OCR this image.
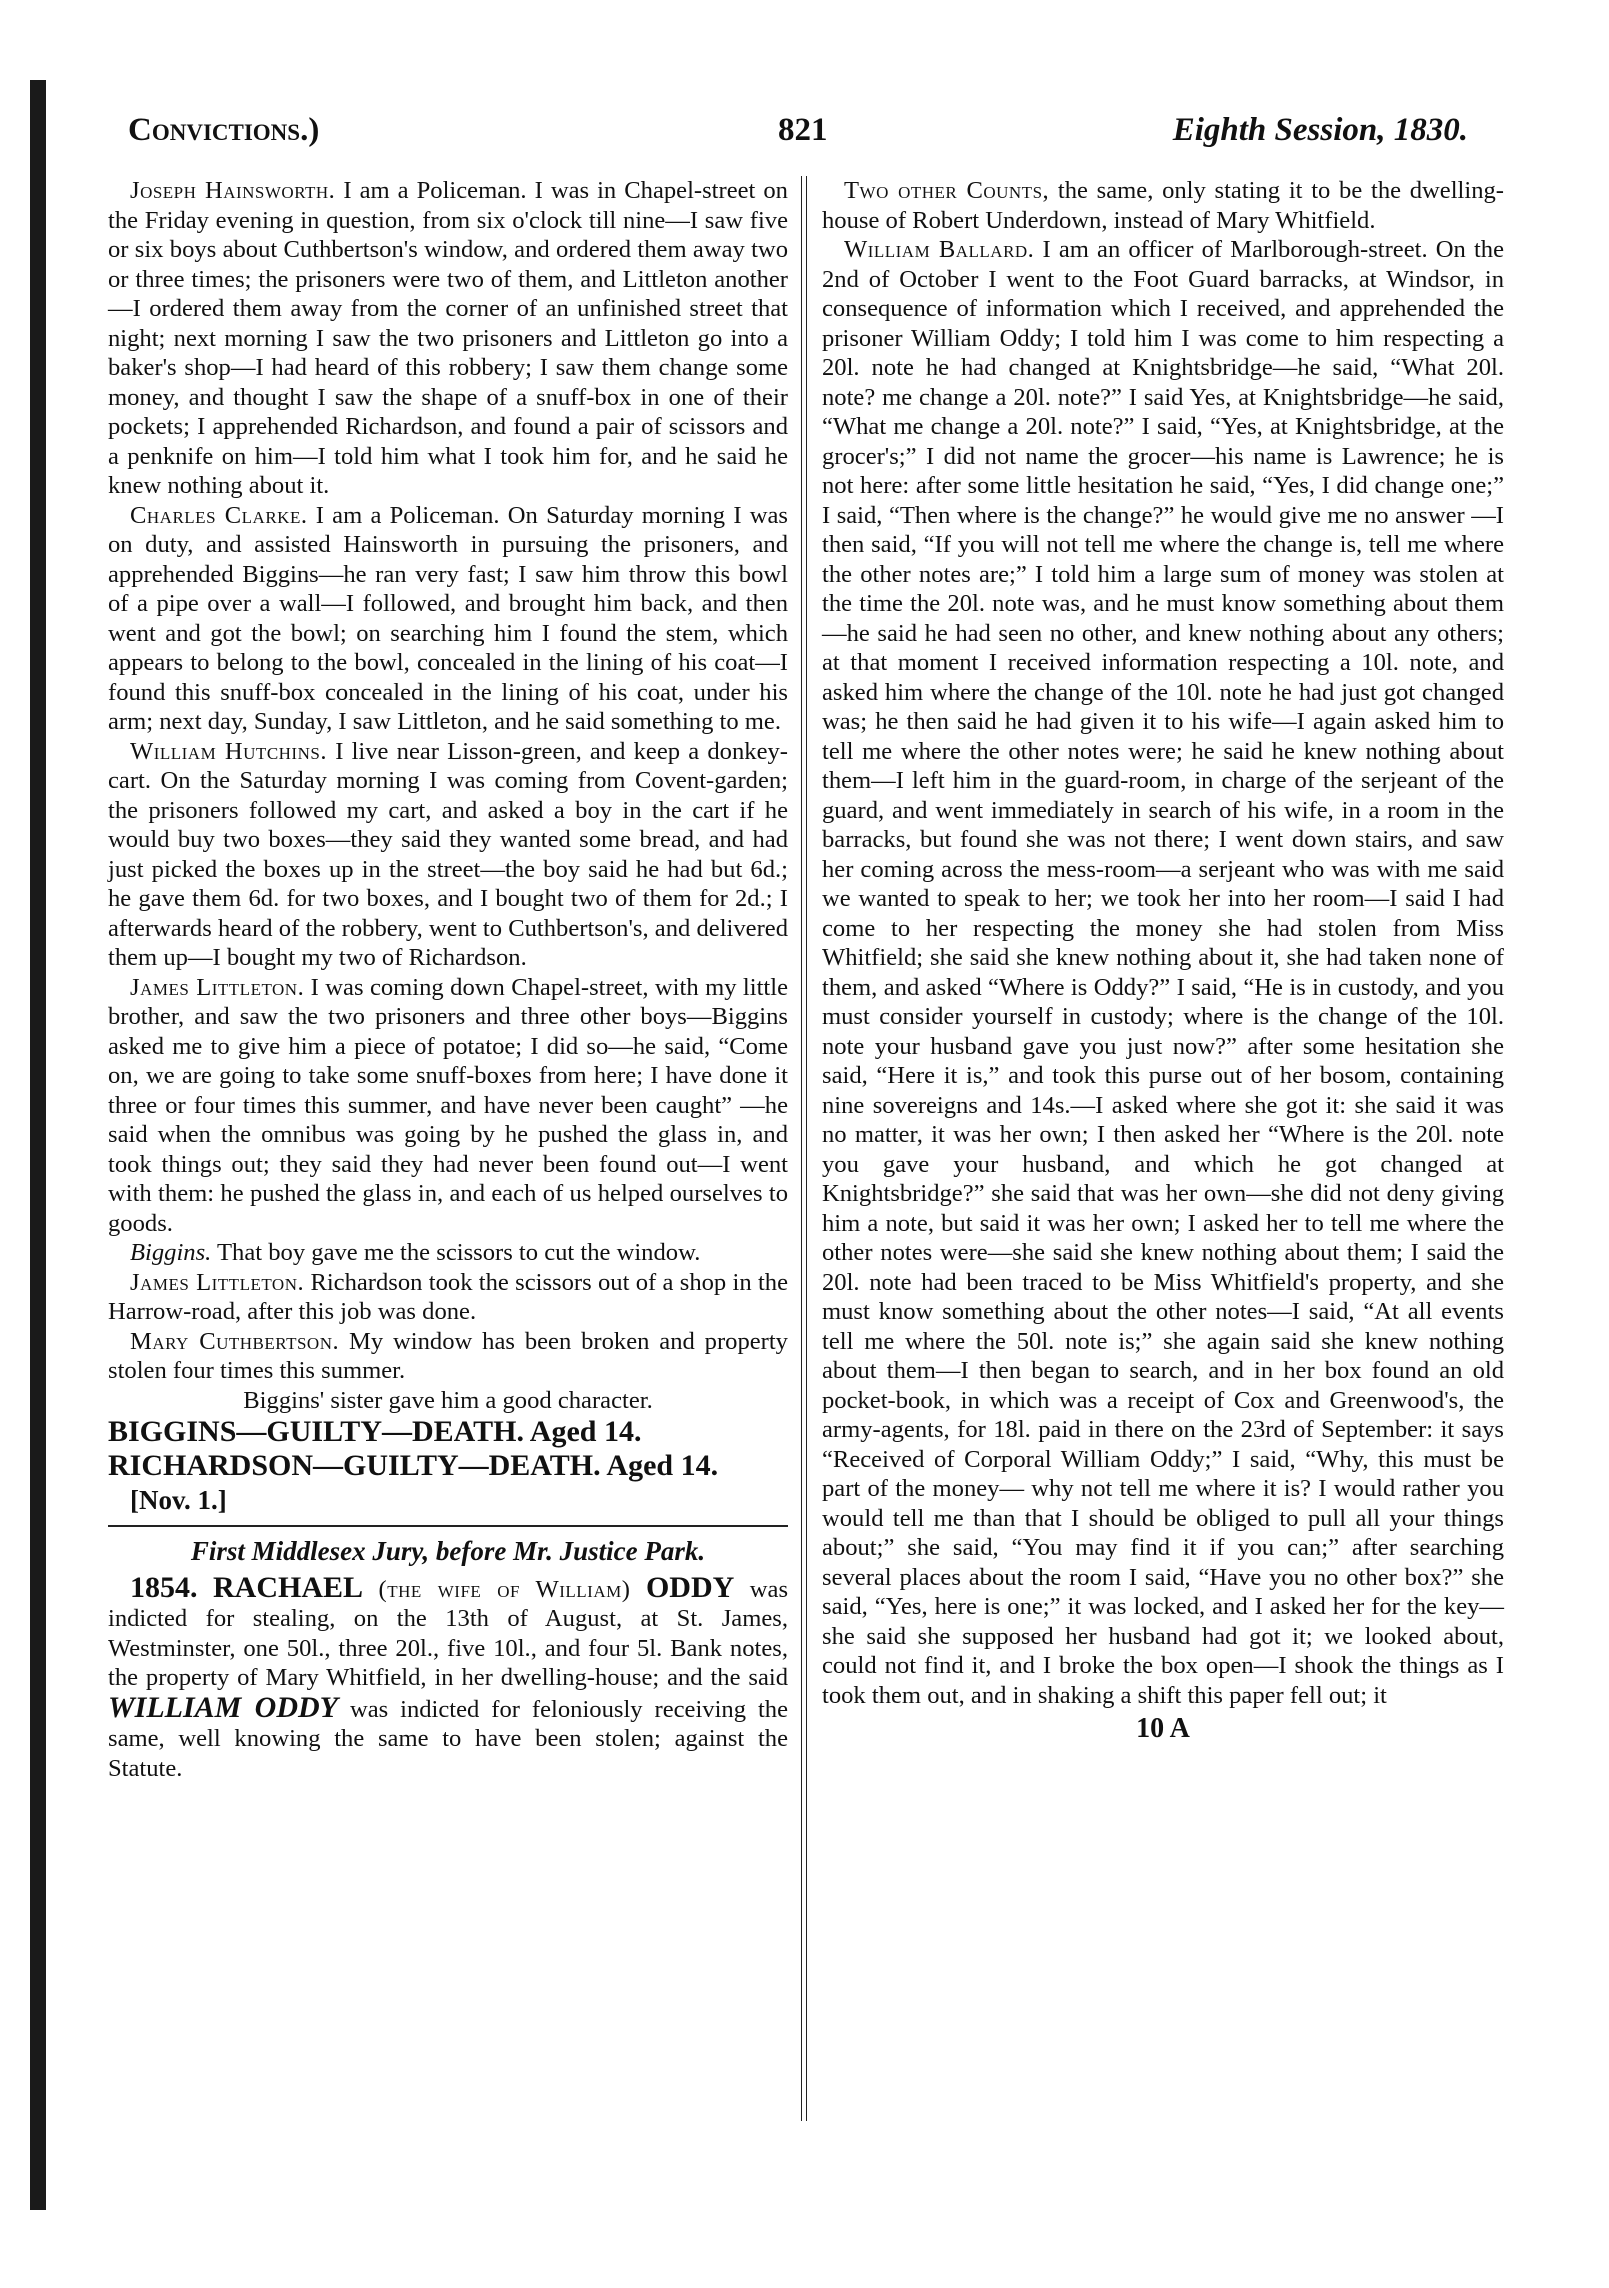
Convictions.)	821	Eighth Session, 1830.

Joseph Hainsworth. I am a Policeman. I was in Chapel-street on the Friday evening in question, from six o'clock till nine—I saw five or six boys about Cuthbertson's window, and ordered them away two or three times; the prisoners were two of them, and Littleton another—I ordered them away from the corner of an unfinished street that night; next morning I saw the two prisoners and Littleton go into a baker's shop—I had heard of this robbery; I saw them change some money, and thought I saw the shape of a snuff-box in one of their pockets; I apprehended Richardson, and found a pair of scissors and a penknife on him—I told him what I took him for, and he said he knew nothing about it.

Charles Clarke. I am a Policeman. On Saturday morning I was on duty, and assisted Hainsworth in pursuing the prisoners, and apprehended Biggins—he ran very fast; I saw him throw this bowl of a pipe over a wall—I followed, and brought him back, and then went and got the bowl; on searching him I found the stem, which appears to belong to the bowl, concealed in the lining of his coat—I found this snuff-box concealed in the lining of his coat, under his arm; next day, Sunday, I saw Littleton, and he said something to me.

William Hutchins. I live near Lisson-green, and keep a donkey-cart. On the Saturday morning I was coming from Covent-garden; the prisoners followed my cart, and asked a boy in the cart if he would buy two boxes—they said they wanted some bread, and had just picked the boxes up in the street—the boy said he had but 6d.; he gave them 6d. for two boxes, and I bought two of them for 2d.; I afterwards heard of the robbery, went to Cuthbertson's, and delivered them up—I bought my two of Richardson.

James Littleton. I was coming down Chapel-street, with my little brother, and saw the two prisoners and three other boys—Biggins asked me to give him a piece of potatoe; I did so—he said, “Come on, we are going to take some snuff-boxes from here; I have done it three or four times this summer, and have never been caught” —he said when the omnibus was going by he pushed the glass in, and took things out; they said they had never been found out—I went with them: he pushed the glass in, and each of us helped ourselves to goods.

Biggins. That boy gave me the scissors to cut the window.

James Littleton. Richardson took the scissors out of a shop in the Harrow-road, after this job was done.

Mary Cuthbertson. My window has been broken and property stolen four times this summer.

Biggins' sister gave him a good character.

BIGGINS—GUILTY—DEATH. Aged 14.

RICHARDSON—GUILTY—DEATH. Aged 14.

[Nov. 1.]

First Middlesex Jury, before Mr. Justice Park.

1854. RACHAEL (the wife of William) ODDY was indicted for stealing, on the 13th of August, at St. James, Westminster, one 50l., three 20l., five 10l., and four 5l. Bank notes, the property of Mary Whitfield, in her dwelling-house; and the said WILLIAM ODDY was indicted for feloniously receiving the same, well knowing the same to have been stolen; against the Statute.

Two other Counts, the same, only stating it to be the dwelling-house of Robert Underdown, instead of Mary Whitfield.

William Ballard. I am an officer of Marlborough-street. On the 2nd of October I went to the Foot Guard barracks, at Windsor, in consequence of information which I received, and apprehended the prisoner William Oddy; I told him I was come to him respecting a 20l. note he had changed at Knightsbridge—he said, “What 20l. note? me change a 20l. note?” I said Yes, at Knightsbridge—he said, “What me change a 20l. note?” I said, “Yes, at Knightsbridge, at the grocer's;” I did not name the grocer—his name is Lawrence; he is not here: after some little hesitation he said, “Yes, I did change one;” I said, “Then where is the change?” he would give me no answer —I then said, “If you will not tell me where the change is, tell me where the other notes are;” I told him a large sum of money was stolen at the time the 20l. note was, and he must know something about them—he said he had seen no other, and knew nothing about any others; at that moment I received information respecting a 10l. note, and asked him where the change of the 10l. note he had just got changed was; he then said he had given it to his wife—I again asked him to tell me where the other notes were; he said he knew nothing about them—I left him in the guard-room, in charge of the serjeant of the guard, and went immediately in search of his wife, in a room in the barracks, but found she was not there; I went down stairs, and saw her coming across the mess-room—a serjeant who was with me said we wanted to speak to her; we took her into her room—I said I had come to her respecting the money she had stolen from Miss Whitfield; she said she knew nothing about it, she had taken none of them, and asked “Where is Oddy?” I said, “He is in custody, and you must consider yourself in custody; where is the change of the 10l. note your husband gave you just now?” after some hesitation she said, “Here it is,” and took this purse out of her bosom, containing nine sovereigns and 14s.—I asked where she got it: she said it was no matter, it was her own; I then asked her “Where is the 20l. note you gave your husband, and which he got changed at Knightsbridge?” she said that was her own—she did not deny giving him a note, but said it was her own; I asked her to tell me where the other notes were—she said she knew nothing about them; I said the 20l. note had been traced to be Miss Whitfield's property, and she must know something about the other notes—I said, “At all events tell me where the 50l. note is;” she again said she knew nothing about them—I then began to search, and in her box found an old pocket-book, in which was a receipt of Cox and Greenwood's, the army-agents, for 18l. paid in there on the 23rd of September: it says “Received of Corporal William Oddy;” I said, “Why, this must be part of the money— why not tell me where it is? I would rather you would tell me than that I should be obliged to pull all your things about;” she said, “You may find it if you can;” after searching several places about the room I said, “Have you no other box?” she said, “Yes, here is one;” it was locked, and I asked her for the key—she said she supposed her husband had got it; we looked about, could not find it, and I broke the box open—I shook the things as I took them out, and in shaking a shift this paper fell out; it

10 A
